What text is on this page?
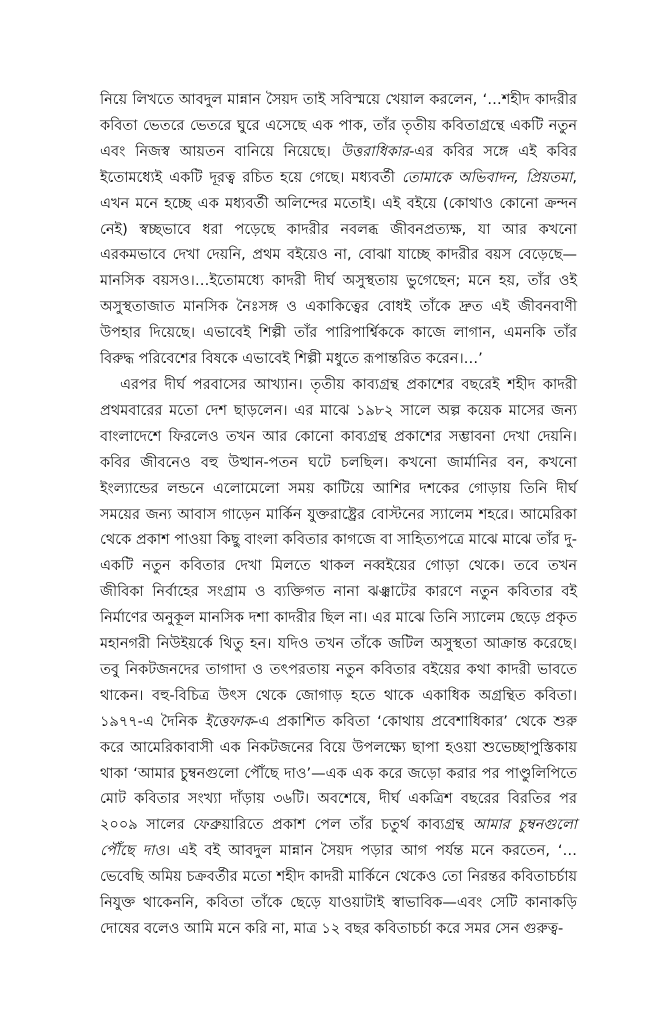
নিয়ে লিখতে আবদুল মান্নান সৈয়দ তাই সবিস্ময়ে খেয়াল করলেন, ‘…শহীদ কাদরীর কবিতা ভেতরে ভেতরে ঘুরে এসেছে এক পাক, তাঁর তৃতীয় কবিতাগ্রন্থে একটি নতুন এবং নিজস্ব আয়তন বানিয়ে নিয়েছে। উত্তরাধিকার-এর কবির সঙ্গে এই কবির ইতোমধ্যেই একটি দূরত্ব রচিত হয়ে গেছে। মধ্যবর্তী তোমাকে অভিবাদন, প্রিয়তমা, এখন মনে হচ্ছে এক মধ্যবর্তী অলিন্দের মতোই। এই বইয়ে (কোথাও কোনো ক্রন্দন নেই) স্বচ্ছভাবে ধরা পড়েছে কাদরীর নবলব্ধ জীবনপ্রত্যক্ষ, যা আর কখনো এরকমভাবে দেখা দেয়নি, প্রথম বইয়েও না, বোঝা যাচ্ছে কাদরীর বয়স বেড়েছে—মানসিক বয়সও।…ইতোমধ্যে কাদরী দীর্ঘ অসুস্থতায় ভুগেছেন; মনে হয়, তাঁর ওই অসুস্থতাজাত মানসিক নৈঃসঙ্গ ও একাকিত্বের বোধই তাঁকে দ্রুত এই জীবনবাণী উপহার দিয়েছে। এভাবেই শিল্পী তাঁর পারিপার্শ্বিককে কাজে লাগান, এমনকি তাঁর বিরুদ্ধ পরিবেশের বিষকে এভাবেই শিল্পী মধুতে রূপান্তরিত করেন।…’

এরপর দীর্ঘ পরবাসের আখ্যান। তৃতীয় কাব্যগ্রন্থ প্রকাশের বছরেই শহীদ কাদরী প্রথমবারের মতো দেশ ছাড়লেন। এর মাঝে ১৯৮২ সালে অল্প কয়েক মাসের জন্য বাংলাদেশে ফিরলেও তখন আর কোনো কাব্যগ্রন্থ প্রকাশের সম্ভাবনা দেখা দেয়নি। কবির জীবনেও বহু উত্থান-পতন ঘটে চলছিল। কখনো জার্মানির বন, কখনো ইংল্যান্ডের লন্ডনে এলোমেলো সময় কাটিয়ে আশির দশকের গোড়ায় তিনি দীর্ঘ সময়ের জন্য আবাস গাড়েন মার্কিন যুক্তরাষ্ট্রের বোস্টনের স্যালেম শহরে। আমেরিকা থেকে প্রকাশ পাওয়া কিছু বাংলা কবিতার কাগজে বা সাহিত্যপত্রে মাঝে মাঝে তাঁর দু-একটি নতুন কবিতার দেখা মিলতে থাকল নব্বইয়ের গোড়া থেকে। তবে তখন জীবিকা নির্বাহের সংগ্রাম ও ব্যক্তিগত নানা ঝঞ্ঝাটের কারণে নতুন কবিতার বই নির্মাণের অনুকূল মানসিক দশা কাদরীর ছিল না। এর মাঝে তিনি স্যালেম ছেড়ে প্রকৃত মহানগরী নিউইয়র্কে থিতু হন। যদিও তখন তাঁকে জটিল অসুস্থতা আক্রান্ত করেছে। তবু নিকটজনদের তাগাদা ও তৎপরতায় নতুন কবিতার বইয়ের কথা কাদরী ভাবতে থাকেন। বহু-বিচিত্র উৎস থেকে জোগাড় হতে থাকে একাধিক অগ্রন্থিত কবিতা। ১৯৭৭-এ দৈনিক ইত্তেফাক-এ প্রকাশিত কবিতা ‘কোথায় প্রবেশাধিকার’ থেকে শুরু করে আমেরিকাবাসী এক নিকটজনের বিয়ে উপলক্ষ্যে ছাপা হওয়া শুভেচ্ছাপুস্তিকায় থাকা ‘আমার চুম্বনগুলো পৌঁছে দাও’—এক এক করে জড়ো করার পর পাণ্ডুলিপিতে মোট কবিতার সংখ্যা দাঁড়ায় ৩৬টি। অবশেষে, দীর্ঘ একত্রিশ বছরের বিরতির পর ২০০৯ সালের ফেব্রুয়ারিতে প্রকাশ পেল তাঁর চতুর্থ কাব্যগ্রন্থ আমার চুম্বনগুলো পৌঁছে দাও। এই বই আবদুল মান্নান সৈয়দ পড়ার আগ পর্যন্ত মনে করতেন, ‘…ভেবেছি অমিয় চক্রবর্তীর মতো শহীদ কাদরী মার্কিনে থেকেও তো নিরন্তর কবিতাচর্চায় নিযুক্ত থাকেননি, কবিতা তাঁকে ছেড়ে যাওয়াটাই স্বাভাবিক—এবং সেটি কানাকড়ি দোষের বলেও আমি মনে করি না, মাত্র ১২ বছর কবিতাচর্চা করে সমর সেন গুরুত্ব-
